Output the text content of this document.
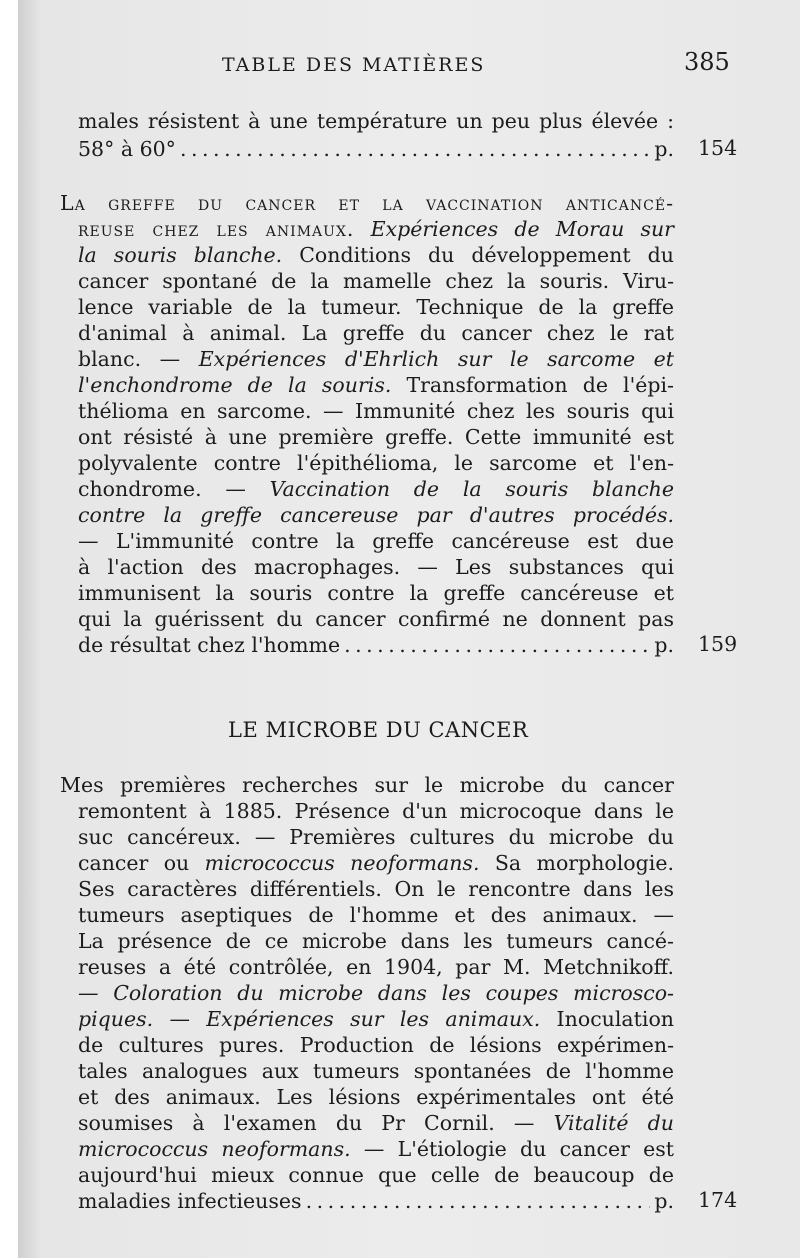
TABLE DES MATIÈRES	385
males résistent à une température un peu plus élevée :
58° à 60° . . .	p. 154
La greffe du cancer et la vaccination anticancé-
reuse chez les animaux. Expériences de Morau sur
la souris blanche. Conditions du développement du
cancer spontané de la mamelle chez la souris. Viru-
lence variable de la tumeur. Technique de la greffe
d'animal à animal. La greffe du cancer chez le rat
blanc. — Expériences d'Ehrlich sur le sarcome et
l'enchondrome de la souris. Transformation de l'épi-
thélioma en sarcome. — Immunité chez les souris qui
ont résisté à une première greffe. Cette immunité est
polyvalente contre l'épithélioma, le sarcome et l'en-
chondrome. — Vaccination de la souris blanche
contre la greffe cancereuse par d'autres procédés.
— L'immunité contre la greffe cancéreuse est due
à l'action des macrophages. — Les substances qui
immunisent la souris contre la greffe cancéreuse et
qui la guérissent du cancer confirmé ne donnent pas
de résultat chez l'homme . . .	p. 159
LE MICROBE DU CANCER
Mes premières recherches sur le microbe du cancer
remontent à 1885. Présence d'un microcoque dans le
suc cancéreux. — Premières cultures du microbe du
cancer ou micrococcus neoformans. Sa morphologie.
Ses caractères différentiels. On le rencontre dans les
tumeurs aseptiques de l'homme et des animaux. —
La présence de ce microbe dans les tumeurs cancé-
reuses a été contrôlée, en 1904, par M. Metchnikoff.
— Coloration du microbe dans les coupes microsco-
piques. — Expériences sur les animaux. Inoculation
de cultures pures. Production de lésions expérimen-
tales analogues aux tumeurs spontanées de l'homme
et des animaux. Les lésions expérimentales ont été
soumises à l'examen du Pr Cornil. — Vitalité du
micrococcus neoformans. — L'étiologie du cancer est
aujourd'hui mieux connue que celle de beaucoup de
maladies infectieuses . . .	p. 174
